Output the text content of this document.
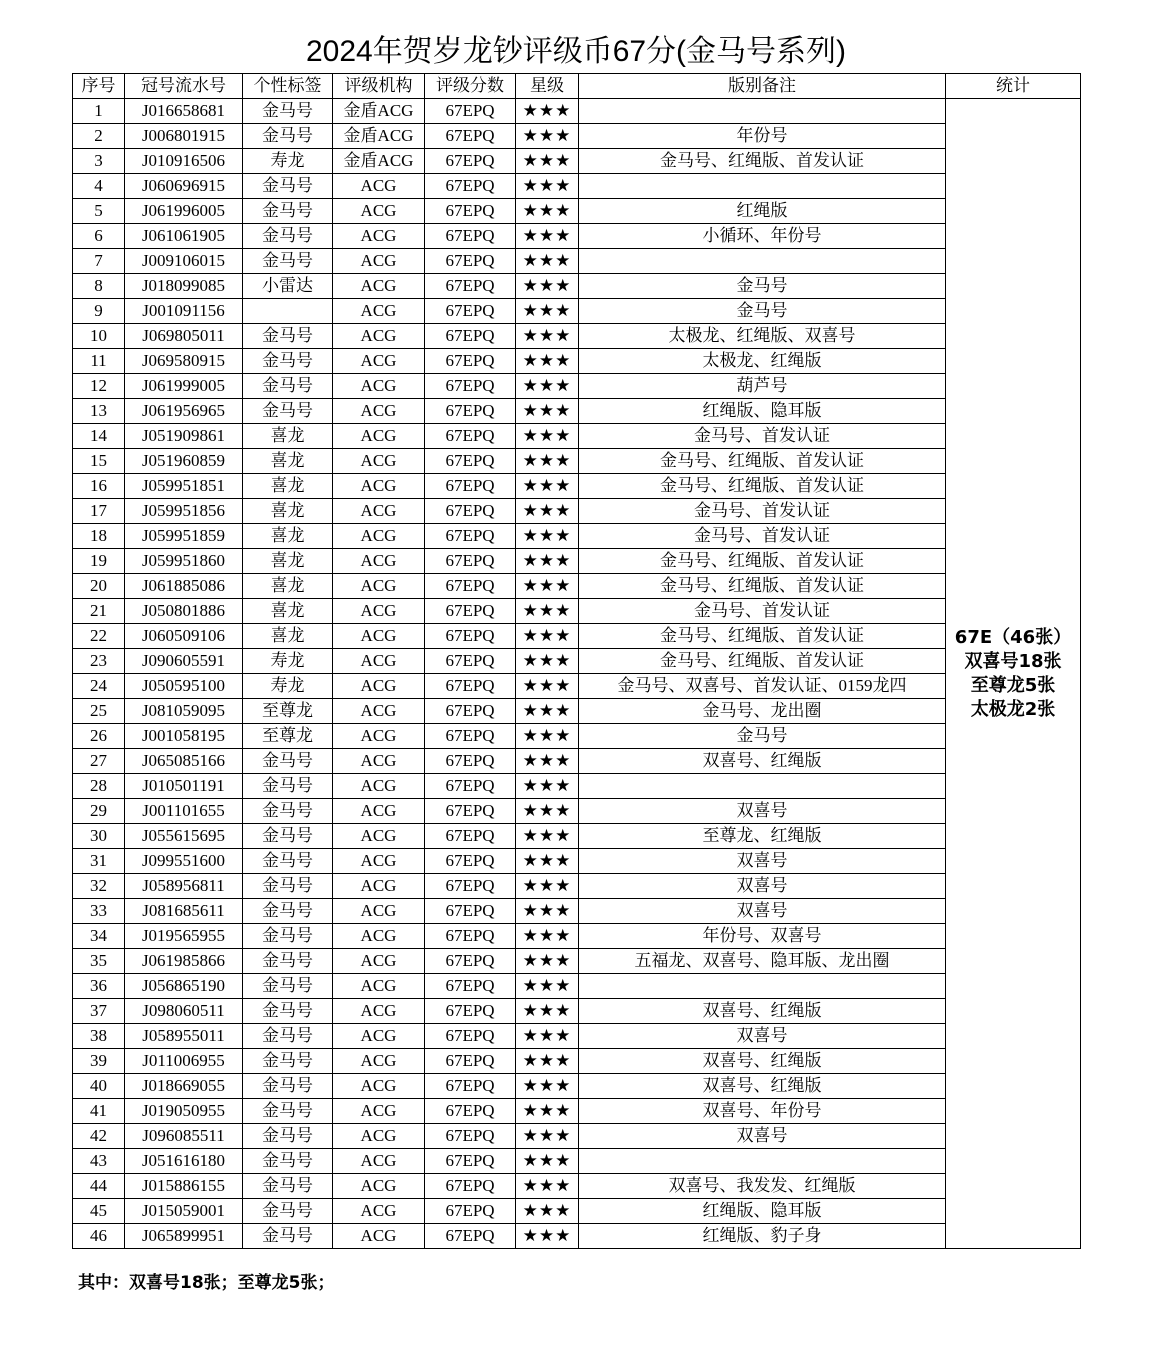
2024年贺岁龙钞评级币67分(金马号系列)
序号	冠号流水号	个性标签	评级机构	评级分数	星级	版别备注	统计
1	J016658681	金马号	金盾ACG	67EPQ	★★★		67E（46张）
双喜号18张
至尊龙5张
太极龙2张

2	J006801915	金马号	金盾ACG	67EPQ	★★★	年份号	
3	J010916506	寿龙	金盾ACG	67EPQ	★★★	金马号、红绳版、首发认证	
4	J060696915	金马号	ACG	67EPQ	★★★		
5	J061996005	金马号	ACG	67EPQ	★★★	红绳版	
6	J061061905	金马号	ACG	67EPQ	★★★	小循环、年份号	
7	J009106015	金马号	ACG	67EPQ	★★★		
8	J018099085	小雷达	ACG	67EPQ	★★★	金马号	
9	J001091156		ACG	67EPQ	★★★	金马号	
10	J069805011	金马号	ACG	67EPQ	★★★	太极龙、红绳版、双喜号	
11	J069580915	金马号	ACG	67EPQ	★★★	太极龙、红绳版	
12	J061999005	金马号	ACG	67EPQ	★★★	葫芦号	
13	J061956965	金马号	ACG	67EPQ	★★★	红绳版、隐耳版	
14	J051909861	喜龙	ACG	67EPQ	★★★	金马号、首发认证	
15	J051960859	喜龙	ACG	67EPQ	★★★	金马号、红绳版、首发认证	
16	J059951851	喜龙	ACG	67EPQ	★★★	金马号、红绳版、首发认证	
17	J059951856	喜龙	ACG	67EPQ	★★★	金马号、首发认证	
18	J059951859	喜龙	ACG	67EPQ	★★★	金马号、首发认证	
19	J059951860	喜龙	ACG	67EPQ	★★★	金马号、红绳版、首发认证	
20	J061885086	喜龙	ACG	67EPQ	★★★	金马号、红绳版、首发认证	
21	J050801886	喜龙	ACG	67EPQ	★★★	金马号、首发认证	
22	J060509106	喜龙	ACG	67EPQ	★★★	金马号、红绳版、首发认证	
23	J090605591	寿龙	ACG	67EPQ	★★★	金马号、红绳版、首发认证	
24	J050595100	寿龙	ACG	67EPQ	★★★	金马号、双喜号、首发认证、0159龙四	
25	J081059095	至尊龙	ACG	67EPQ	★★★	金马号、龙出圈	
26	J001058195	至尊龙	ACG	67EPQ	★★★	金马号	
27	J065085166	金马号	ACG	67EPQ	★★★	双喜号、红绳版	
28	J010501191	金马号	ACG	67EPQ	★★★		
29	J001101655	金马号	ACG	67EPQ	★★★	双喜号	
30	J055615695	金马号	ACG	67EPQ	★★★	至尊龙、红绳版	
31	J099551600	金马号	ACG	67EPQ	★★★	双喜号	
32	J058956811	金马号	ACG	67EPQ	★★★	双喜号	
33	J081685611	金马号	ACG	67EPQ	★★★	双喜号	
34	J019565955	金马号	ACG	67EPQ	★★★	年份号、双喜号	
35	J061985866	金马号	ACG	67EPQ	★★★	五福龙、双喜号、隐耳版、龙出圈	
36	J056865190	金马号	ACG	67EPQ	★★★		
37	J098060511	金马号	ACG	67EPQ	★★★	双喜号、红绳版	
38	J058955011	金马号	ACG	67EPQ	★★★	双喜号	
39	J011006955	金马号	ACG	67EPQ	★★★	双喜号、红绳版	
40	J018669055	金马号	ACG	67EPQ	★★★	双喜号、红绳版	
41	J019050955	金马号	ACG	67EPQ	★★★	双喜号、年份号	
42	J096085511	金马号	ACG	67EPQ	★★★	双喜号	
43	J051616180	金马号	ACG	67EPQ	★★★		
44	J015886155	金马号	ACG	67EPQ	★★★	双喜号、我发发、红绳版	
45	J015059001	金马号	ACG	67EPQ	★★★	红绳版、隐耳版	
46	J065899951	金马号	ACG	67EPQ	★★★	红绳版、豹子身	
其中：双喜号18张；至尊龙5张；
